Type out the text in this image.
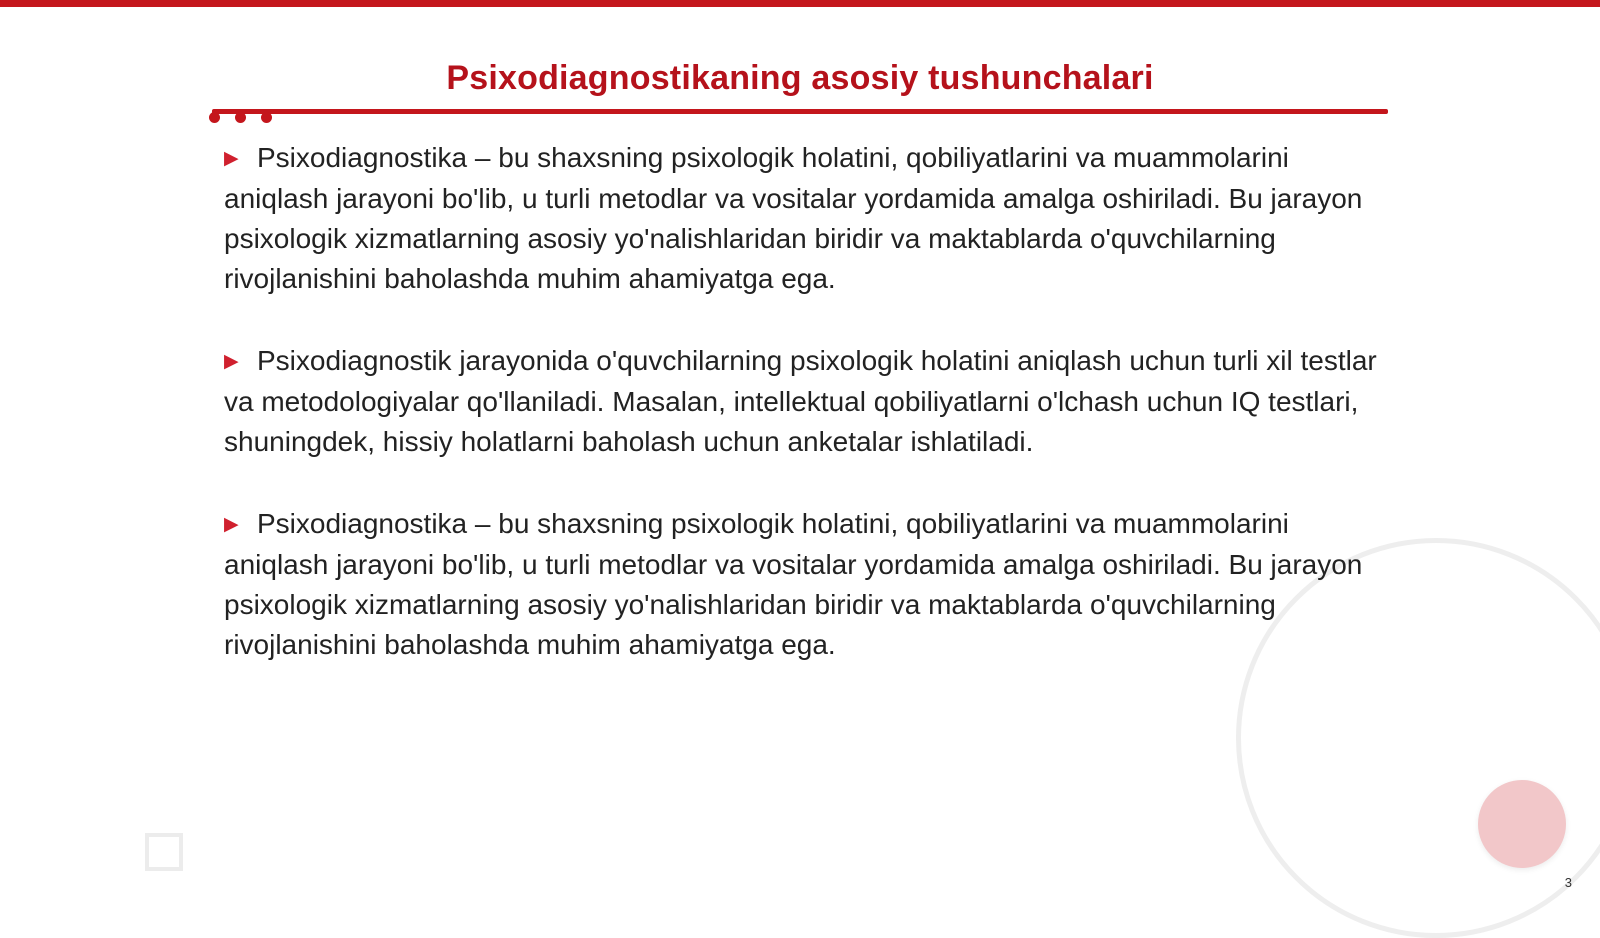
Psixodiagnostikaning asosiy tushunchalari

▶ Psixodiagnostika – bu shaxsning psixologik holatini, qobiliyatlarini va muammolarini aniqlash jarayoni bo'lib, u turli metodlar va vositalar yordamida amalga oshiriladi. Bu jarayon psixologik xizmatlarning asosiy yo'nalishlaridan biridir va maktablarda o'quvchilarning rivojlanishini baholashda muhim ahamiyatga ega.

▶ Psixodiagnostik jarayonida o'quvchilarning psixologik holatini aniqlash uchun turli xil testlar va metodologiyalar qo'llaniladi. Masalan, intellektual qobiliyatlarni o'lchash uchun IQ testlari, shuningdek, hissiy holatlarni baholash uchun anketalar ishlatiladi.

▶ Psixodiagnostika – bu shaxsning psixologik holatini, qobiliyatlarini va muammolarini aniqlash jarayoni bo'lib, u turli metodlar va vositalar yordamida amalga oshiriladi. Bu jarayon psixologik xizmatlarning asosiy yo'nalishlaridan biridir va maktablarda o'quvchilarning rivojlanishini baholashda muhim ahamiyatga ega.

3
